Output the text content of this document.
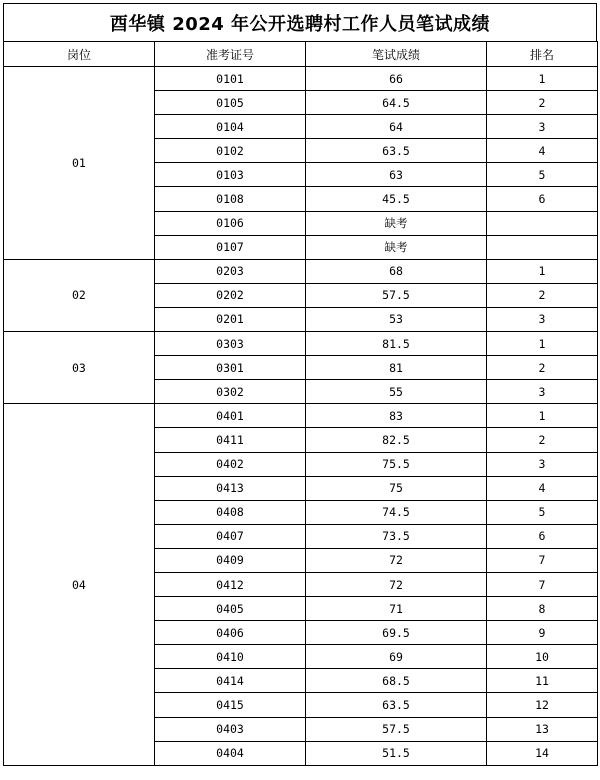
酉华镇 2024 年公开选聘村工作人员笔试成绩
岗位	准考证号	笔试成绩	排名
01	0101	66	1
	0105	64.5	2
	0104	64	3
	0102	63.5	4
	0103	63	5
	0108	45.5	6
	0106	缺考	
	0107	缺考	
02	0203	68	1
	0202	57.5	2
	0201	53	3
03	0303	81.5	1
	0301	81	2
	0302	55	3
04	0401	83	1
	0411	82.5	2
	0402	75.5	3
	0413	75	4
	0408	74.5	5
	0407	73.5	6
	0409	72	7
	0412	72	7
	0405	71	8
	0406	69.5	9
	0410	69	10
	0414	68.5	11
	0415	63.5	12
	0403	57.5	13
	0404	51.5	14
